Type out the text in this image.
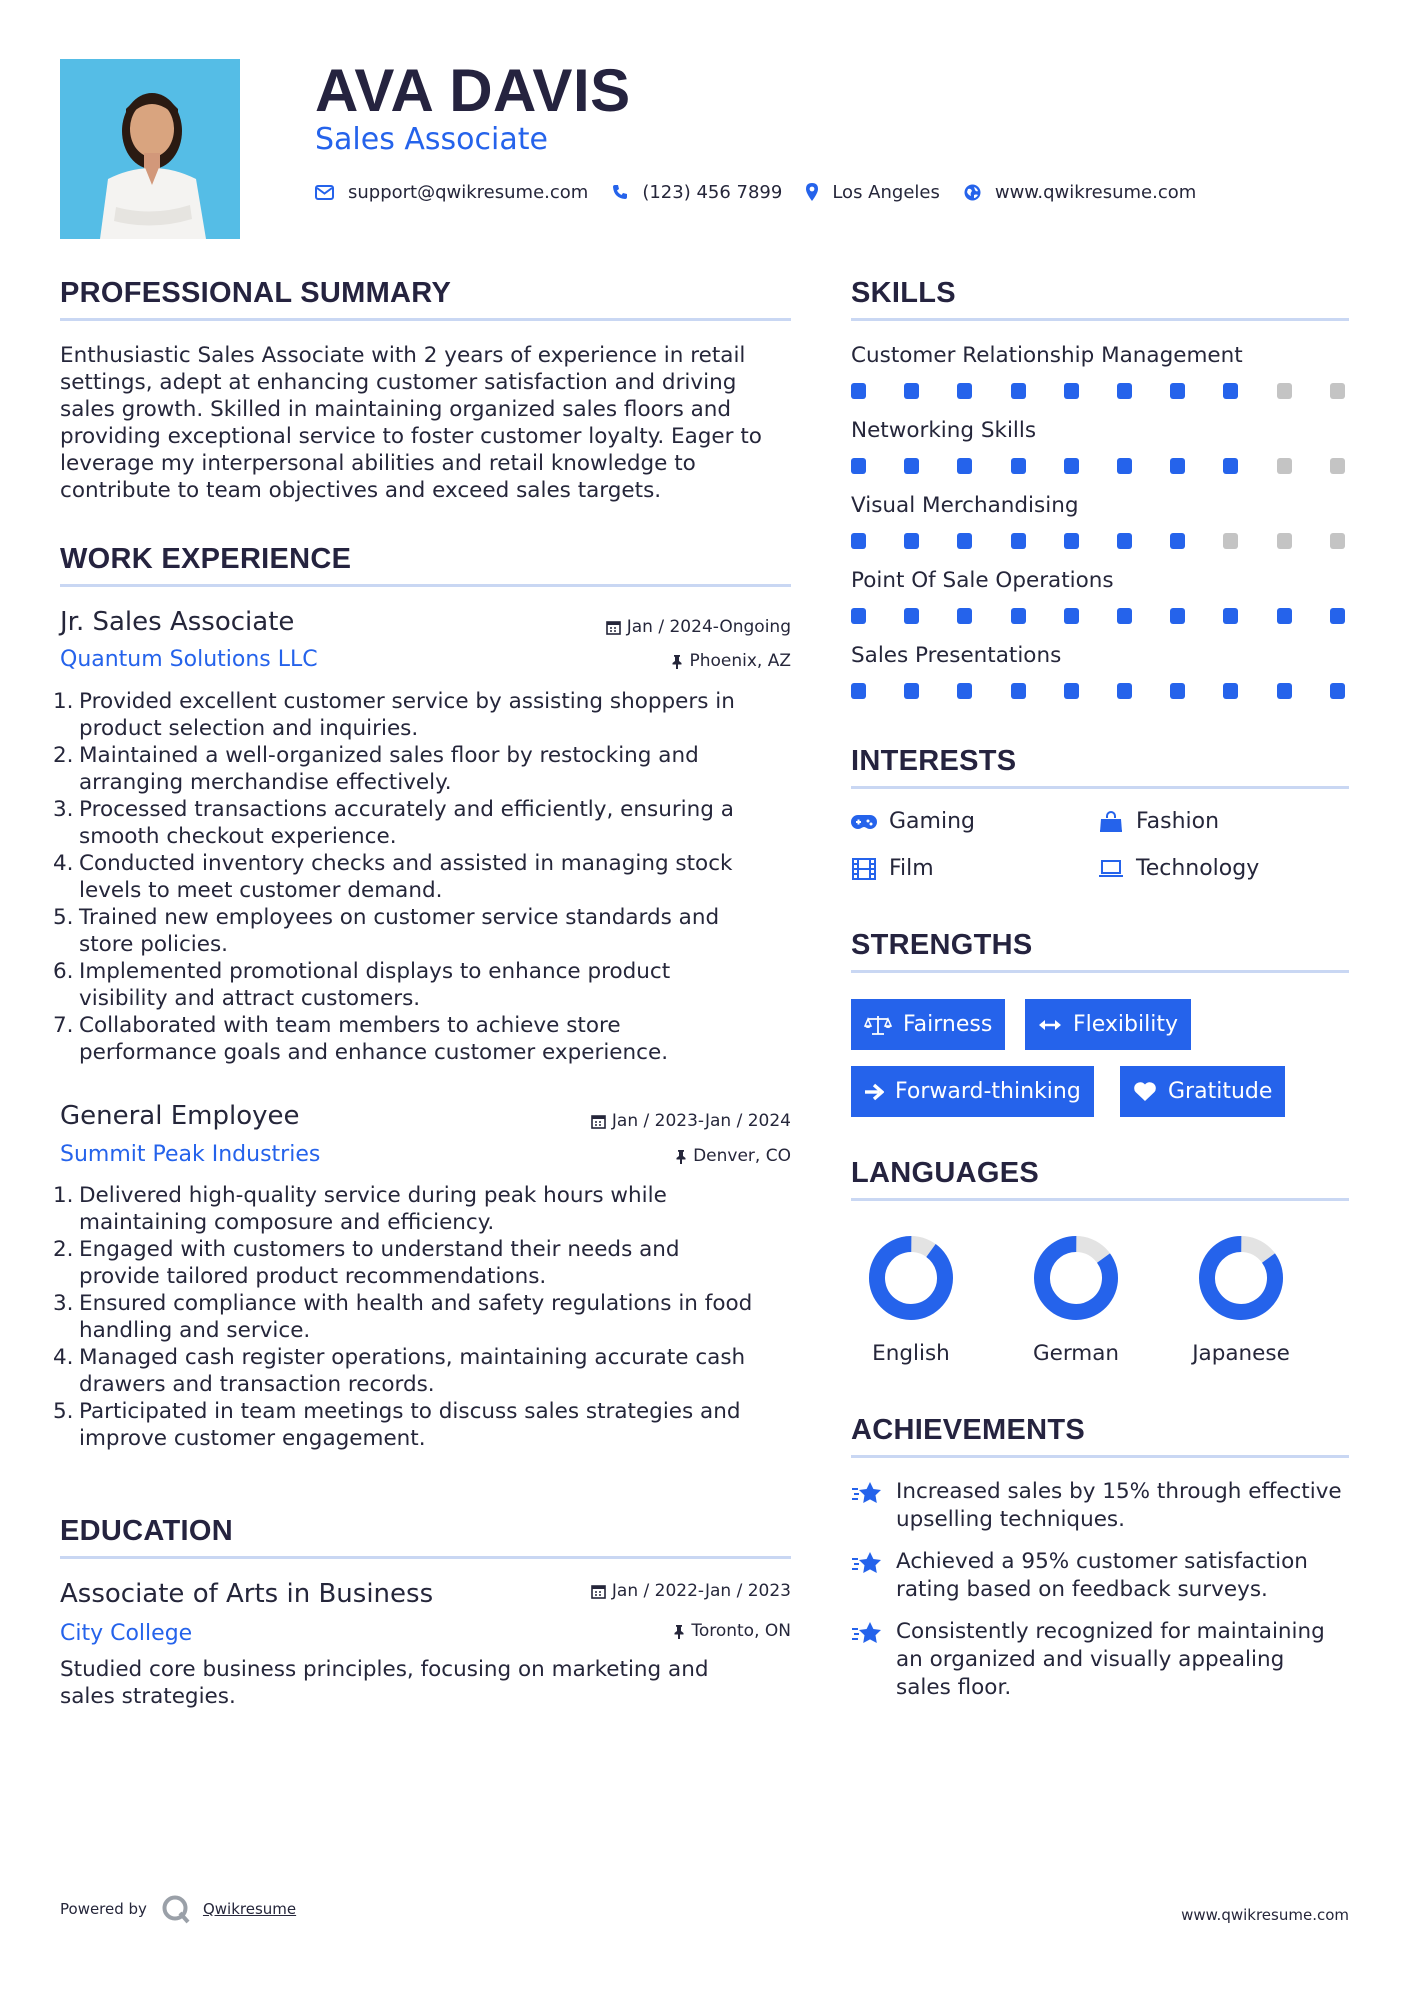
AVA DAVIS
Sales Associate
support@qwikresume.com	(123) 456 7899	Los Angeles	www.qwikresume.com
PROFESSIONAL SUMMARY
Enthusiastic Sales Associate with 2 years of experience in retail
settings, adept at enhancing customer satisfaction and driving
sales growth. Skilled in maintaining organized sales floors and
providing exceptional service to foster customer loyalty. Eager to
leverage my interpersonal abilities and retail knowledge to
contribute to team objectives and exceed sales targets.
WORK EXPERIENCE
Jr. Sales Associate
Quantum Solutions LLC
Jan / 2024-Ongoing
Phoenix, AZ
1. Provided excellent customer service by assisting shoppers in
product selection and inquiries.
2. Maintained a well-organized sales floor by restocking and
arranging merchandise effectively.
3. Processed transactions accurately and efficiently, ensuring a
smooth checkout experience.
4. Conducted inventory checks and assisted in managing stock
levels to meet customer demand.
5. Trained new employees on customer service standards and
store policies.
6. Implemented promotional displays to enhance product
visibility and attract customers.
7. Collaborated with team members to achieve store
performance goals and enhance customer experience.
General Employee
Summit Peak Industries
Jan / 2023-Jan / 2024
Denver, CO
1. Delivered high-quality service during peak hours while
maintaining composure and efficiency.
2. Engaged with customers to understand their needs and
provide tailored product recommendations.
3. Ensured compliance with health and safety regulations in food
handling and service.
4. Managed cash register operations, maintaining accurate cash
drawers and transaction records.
5. Participated in team meetings to discuss sales strategies and
improve customer engagement.
EDUCATION
Associate of Arts in Business
City College
Jan / 2022-Jan / 2023
Toronto, ON
Studied core business principles, focusing on marketing and
sales strategies.
SKILLS
Customer Relationship Management
Networking Skills
Visual Merchandising
Point Of Sale Operations
Sales Presentations
INTERESTS
Gaming	Fashion
Film	Technology
STRENGTHS
Fairness	Flexibility
Forward-thinking	Gratitude
LANGUAGES
English	German	Japanese
ACHIEVEMENTS
Increased sales by 15% through effective
upselling techniques.
Achieved a 95% customer satisfaction
rating based on feedback surveys.
Consistently recognized for maintaining
an organized and visually appealing
sales floor.
Powered by	Qwikresume	www.qwikresume.com
